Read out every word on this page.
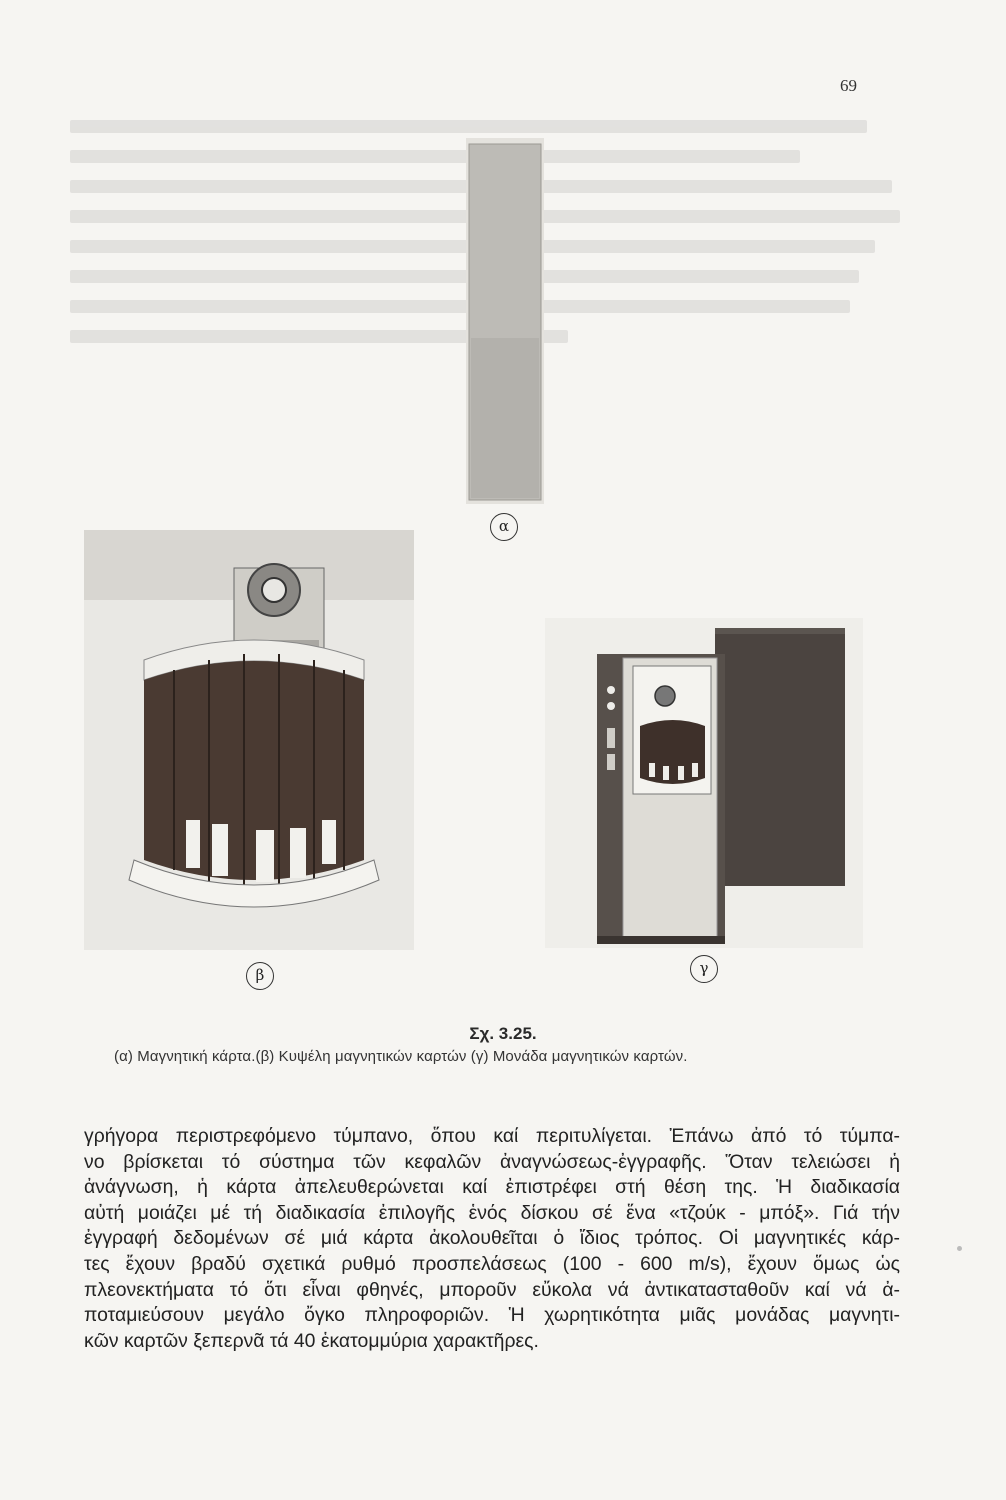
69
α
β	γ
Σχ. 3.25.
(α) Μαγνητική κάρτα.(β) Κυψέλη μαγνητικών καρτών (γ) Μονάδα μαγνητικών καρτών.
γρήγορα περιστρεφόμενο τύμπανο, ὅπου καί περιτυλίγεται. Ἐπάνω ἀπό τό τύμπα-
νο βρίσκεται τό σύστημα τῶν κεφαλῶν ἀναγνώσεως-ἐγγραφῆς. Ὅταν τελειώσει ἡ
ἀνάγνωση, ἡ κάρτα ἀπελευθερώνεται καί ἐπιστρέφει στή θέση της. Ἡ διαδικασία
αὐτή μοιάζει μέ τή διαδικασία ἐπιλογῆς ἑνός δίσκου σέ ἕνα «τζούκ - μπόξ». Γιά τήν
ἐγγραφή δεδομένων σέ μιά κάρτα ἀκολουθεῖται ὁ ἴδιος τρόπος. Οἱ μαγνητικές κάρ-
τες ἔχουν βραδύ σχετικά ρυθμό προσπελάσεως (100 - 600 m/s), ἔχουν ὅμως ὡς
πλεονεκτήματα τό ὅτι εἶναι φθηνές, μποροῦν εὔκολα νά ἀντικατασταθοῦν καί νά ἀ-
ποταμιεύσουν μεγάλο ὄγκο πληροφοριῶν. Ἡ χωρητικότητα μιᾶς μονάδας μαγνητι-
κῶν καρτῶν ξεπερνᾶ τά 40 ἑκατομμύρια χαρακτῆρες.
